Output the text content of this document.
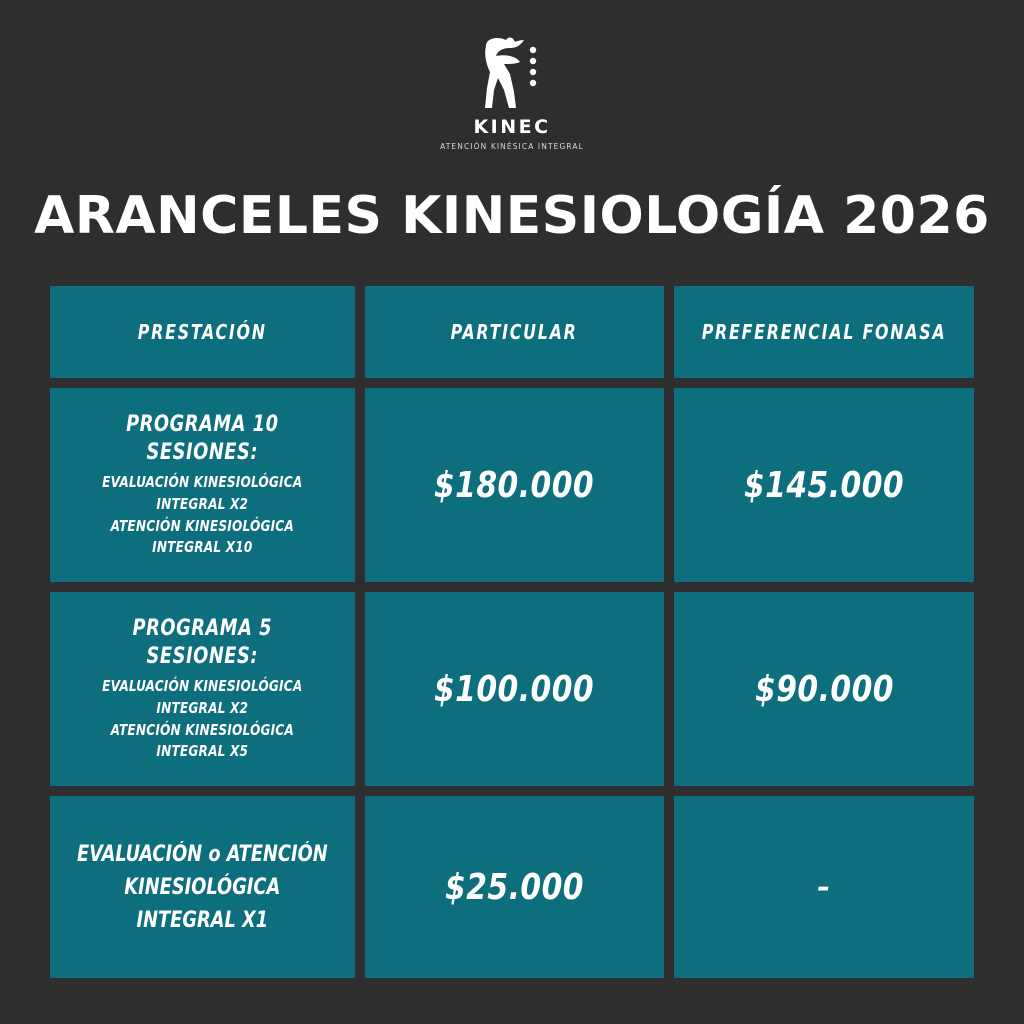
KINEC
ATENCIÓN KINÉSICA INTEGRAL
ARANCELES KINESIOLOGÍA 2026
PRESTACIÓN	PARTICULAR	PREFERENCIAL FONASA
PROGRAMA 10 SESIONES:
EVALUACIÓN KINESIOLÓGICA INTEGRAL X2
ATENCIÓN KINESIOLÓGICA INTEGRAL X10
$180.000	$145.000
PROGRAMA 5 SESIONES:
EVALUACIÓN KINESIOLÓGICA INTEGRAL X2
ATENCIÓN KINESIOLÓGICA INTEGRAL X5
$100.000	$90.000
EVALUACIÓN o ATENCIÓN
KINESIOLÓGICA INTEGRAL X1
$25.000	–
